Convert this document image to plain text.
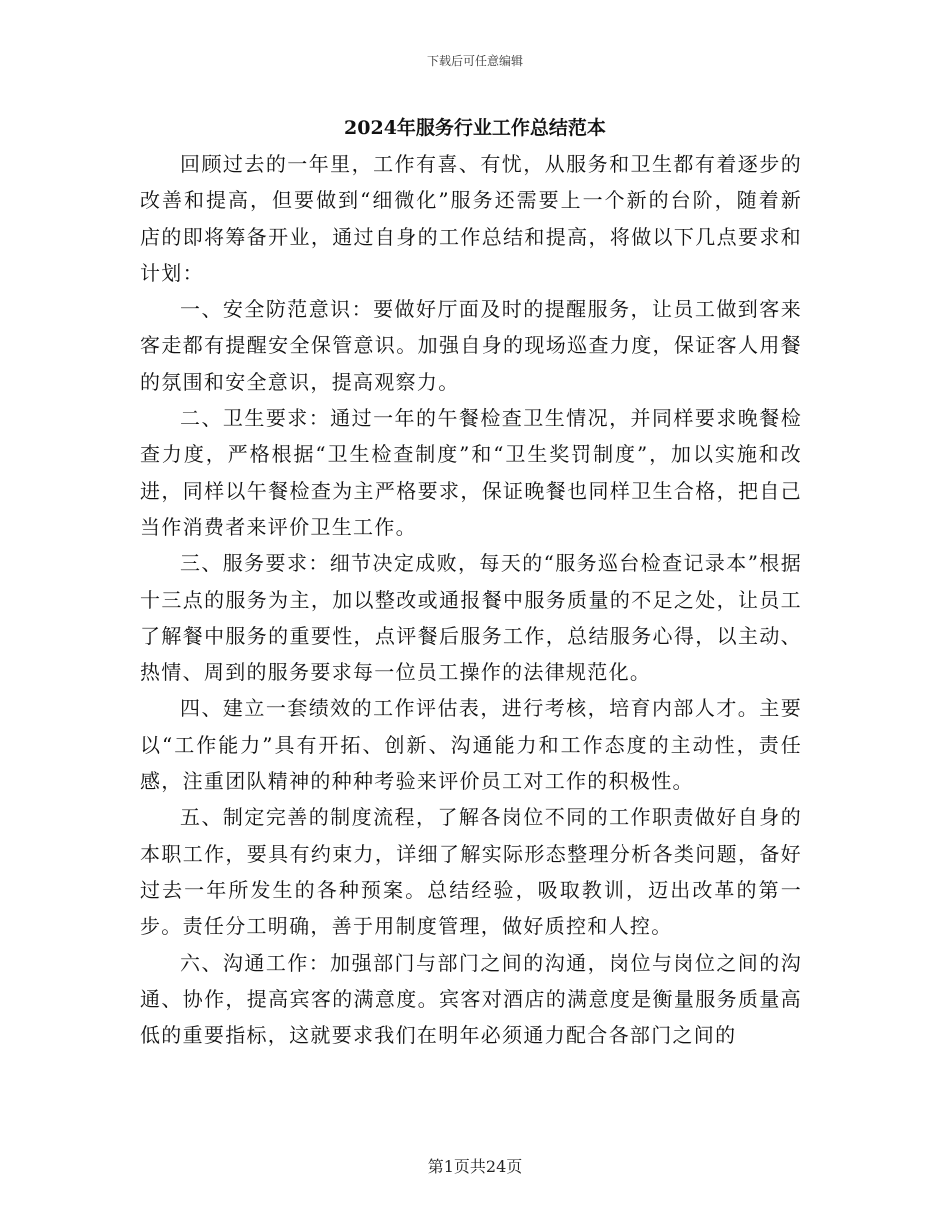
下载后可任意编辑
2024年服务行业工作总结范本

回顾过去的一年里，工作有喜、有忧，从服务和卫生都有着逐步的改善和提高，但要做到“细微化”服务还需要上一个新的台阶，随着新店的即将筹备开业，通过自身的工作总结和提高，将做以下几点要求和计划：

一、安全防范意识：要做好厅面及时的提醒服务，让员工做到客来客走都有提醒安全保管意识。加强自身的现场巡查力度，保证客人用餐的氛围和安全意识，提高观察力。

二、卫生要求：通过一年的午餐检查卫生情况，并同样要求晚餐检查力度，严格根据“卫生检查制度”和“卫生奖罚制度”，加以实施和改进，同样以午餐检查为主严格要求，保证晚餐也同样卫生合格，把自己当作消费者来评价卫生工作。

三、服务要求：细节决定成败，每天的“服务巡台检查记录本”根据十三点的服务为主，加以整改或通报餐中服务质量的不足之处，让员工了解餐中服务的重要性，点评餐后服务工作，总结服务心得，以主动、热情、周到的服务要求每一位员工操作的法律规范化。

四、建立一套绩效的工作评估表，进行考核，培育内部人才。主要以“工作能力”具有开拓、创新、沟通能力和工作态度的主动性，责任感，注重团队精神的种种考验来评价员工对工作的积极性。

五、制定完善的制度流程，了解各岗位不同的工作职责做好自身的本职工作，要具有约束力，详细了解实际形态整理分析各类问题，备好过去一年所发生的各种预案。总结经验，吸取教训，迈出改革的第一步。责任分工明确，善于用制度管理，做好质控和人控。

六、沟通工作：加强部门与部门之间的沟通，岗位与岗位之间的沟通、协作，提高宾客的满意度。宾客对酒店的满意度是衡量服务质量高低的重要指标，这就要求我们在明年必须通力配合各部门之间的

第1页共24页
